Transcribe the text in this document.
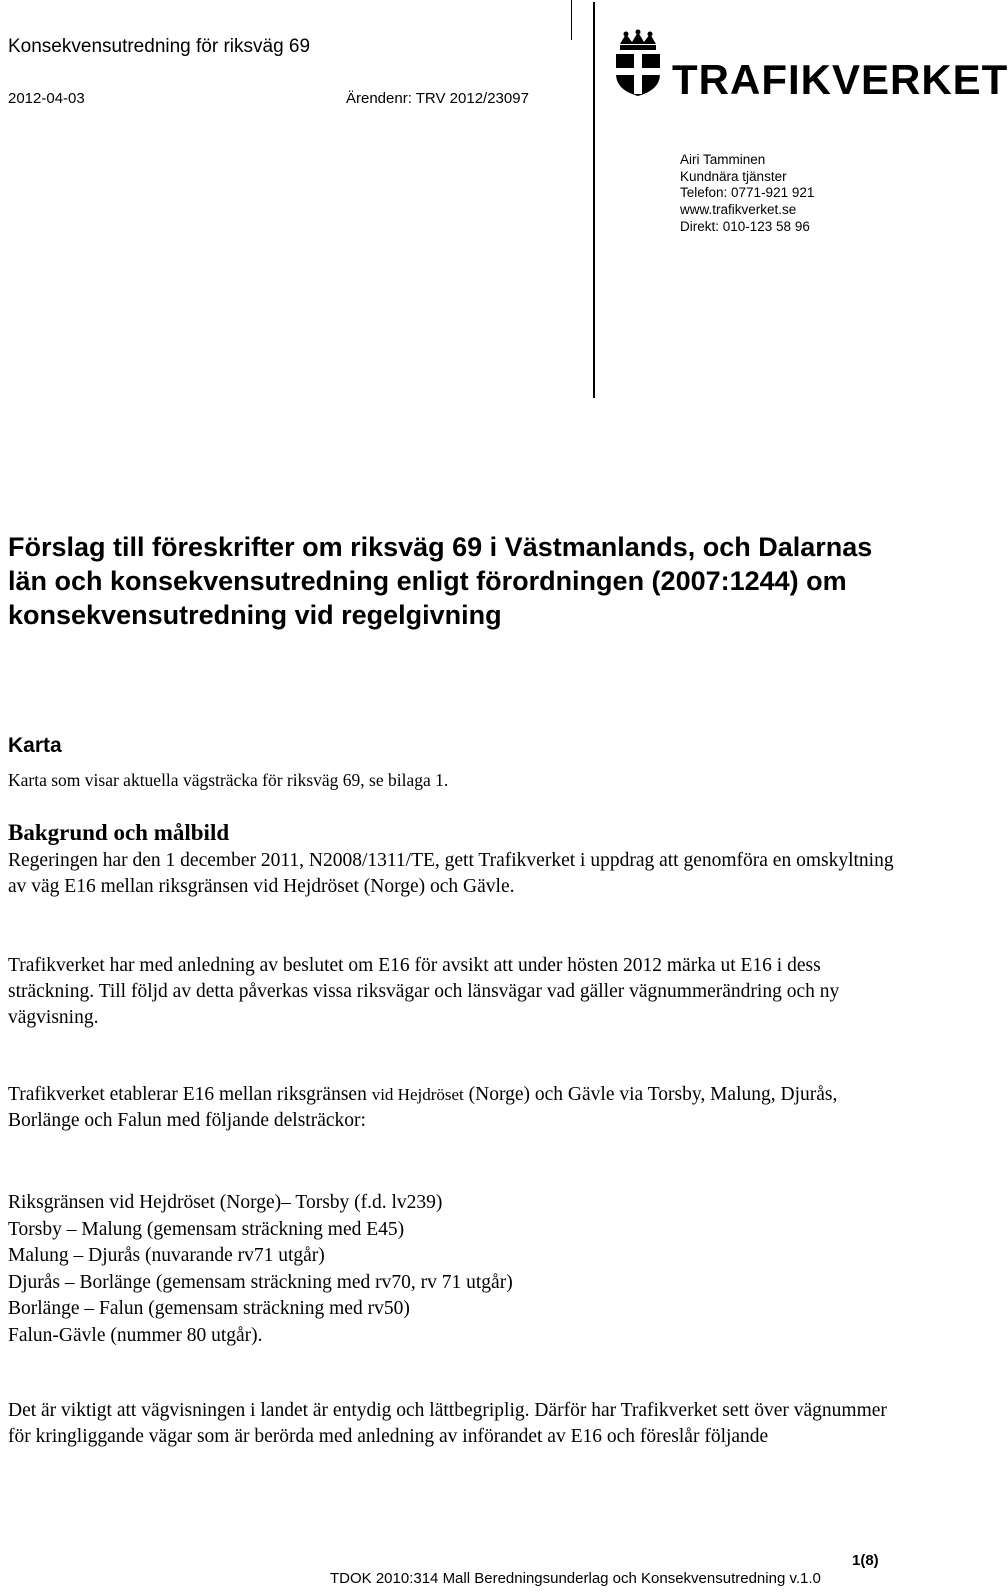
Konsekvensutredning för riksväg 69
2012-04-03	Ärendenr: TRV 2012/23097	TRAFIKVERKET
Airi Tamminen
Kundnära tjänster
Telefon: 0771-921 921
www.trafikverket.se
Direkt: 010-123 58 96
Förslag till föreskrifter om riksväg 69 i Västmanlands, och Dalarnas län och konsekvensutredning enligt förordningen (2007:1244) om konsekvensutredning vid regelgivning
Karta
Karta som visar aktuella vägsträcka för riksväg 69, se bilaga 1.
Bakgrund och målbild

Regeringen har den 1 december 2011, N2008/1311/TE, gett Trafikverket i uppdrag att genomföra en omskyltning av väg E16 mellan riksgränsen vid Hejdröset (Norge) och Gävle.

Trafikverket har med anledning av beslutet om E16 för avsikt att under hösten 2012 märka ut E16 i dess sträckning. Till följd av detta påverkas vissa riksvägar och länsvägar vad gäller vägnummerändring och ny vägvisning.

Trafikverket etablerar E16 mellan riksgränsen vid Hejdröset (Norge) och Gävle via Torsby, Malung, Djurås, Borlänge och Falun med följande delsträckor:

Riksgränsen vid Hejdröset (Norge)– Torsby (f.d. lv239)
Torsby – Malung (gemensam sträckning med E45)
Malung – Djurås (nuvarande rv71 utgår)
Djurås – Borlänge (gemensam sträckning med rv70, rv 71 utgår)
Borlänge – Falun (gemensam sträckning med rv50)
Falun-Gävle (nummer 80 utgår).

Det är viktigt att vägvisningen i landet är entydig och lättbegriplig. Därför har Trafikverket sett över vägnummer för kringliggande vägar som är berörda med anledning av införandet av E16 och föreslår följande

1(8)
TDOK 2010:314 Mall Beredningsunderlag och Konsekvensutredning v.1.0
